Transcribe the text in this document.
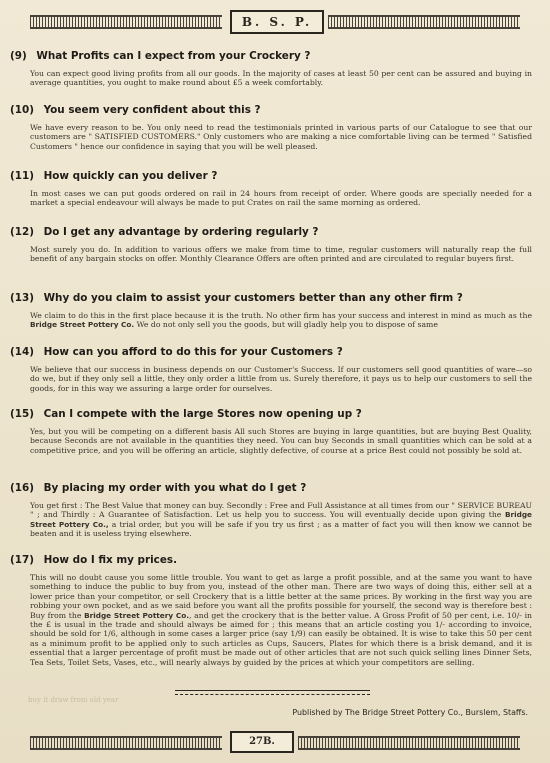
B. S. P.
(9) What Profits can I expect from your Crockery ?
You can expect good living profits from all our goods. In the majority of cases at least 50 per cent can be assured and buying in average quantities, you ought to make round about £5 a week comfortably.
(10) You seem very confident about this ?
We have every reason to be. You only need to read the testimonials printed in various parts of our Catalogue to see that our customers are " SATISFIED CUSTOMERS." Only customers who are making a nice comfortable living can be termed " Satisfied Customers " hence our confidence in saying that you will be well pleased.
(11) How quickly can you deliver ?
In most cases we can put goods ordered on rail in 24 hours from receipt of order. Where goods are specially needed for a market a special endeavour will always be made to put Crates on rail the same morning as ordered.
(12) Do I get any advantage by ordering regularly ?
Most surely you do. In addition to various offers we make from time to time, regular customers will naturally reap the full benefit of any bargain stocks on offer. Monthly Clearance Offers are often printed and are circulated to regular buyers first.
(13) Why do you claim to assist your customers better than any other firm ?
We claim to do this in the first place because it is the truth. No other firm has your success and interest in mind as much as the Bridge Street Pottery Co. We do not only sell you the goods, but will gladly help you to dispose of same
(14) How can you afford to do this for your Customers ?
We believe that our success in business depends on our Customer's Success. If our customers sell good quantities of ware—so do we, but if they only sell a little, they only order a little from us. Surely therefore, it pays us to help our customers to sell the goods, for in this way we assuring a large order for ourselves.
(15) Can I compete with the large Stores now opening up ?
Yes, but you will be competing on a different basis All such Stores are buying in large quantities, but are buying Best Quality, because Seconds are not available in the quantities they need. You can buy Seconds in small quantities which can be sold at a competitive price, and you will be offering an article, slightly defective, of course at a price Best could not possibly be sold at.
(16) By placing my order with you what do I get ?
You get first : The Best Value that money can buy. Secondly : Free and Full Assistance at all times from our " SERVICE BUREAU " ; and Thirdly : A Guarantee of Satisfaction. Let us help you to success. You will eventually decide upon giving the Bridge Street Pottery Co., a trial order, but you will be safe if you try us first ; as a matter of fact you will then know we cannot be beaten and it is useless trying elsewhere.
(17) How do I fix my prices.
This will no doubt cause you some little trouble. You want to get as large a profit possible, and at the same you want to have something to induce the public to buy from you, instead of the other man. There are two ways of doing this, either sell at a lower price than your competitor, or sell Crockery that is a little better at the same prices. By working in the first way you are robbing your own pocket, and as we said before you want all the profits possible for yourself, the second way is therefore best : Buy from the Bridge Street Pottery Co., and get the crockery that is the better value. A Gross Profit of 50 per cent, i.e. 10/- in the £ is usual in the trade and should always be aimed for ; this means that an article costing you 1/- according to invoice, should be sold for 1/6, although in some cases a larger price (say 1/9) can easily be obtained. It is wise to take this 50 per cent as a minimum profit to be applied only to such articles as Cups, Saucers, Plates for which there is a brisk demand, and it is essential that a larger percentage of profit must be made out of other articles that are not such quick selling lines Dinner Sets, Tea Sets, Toilet Sets, Vases, etc., will nearly always by guided by the prices at which your competitors are selling.
buy it draw from old year
Published by The Bridge Street Pottery Co., Burslem, Staffs.
27B.
